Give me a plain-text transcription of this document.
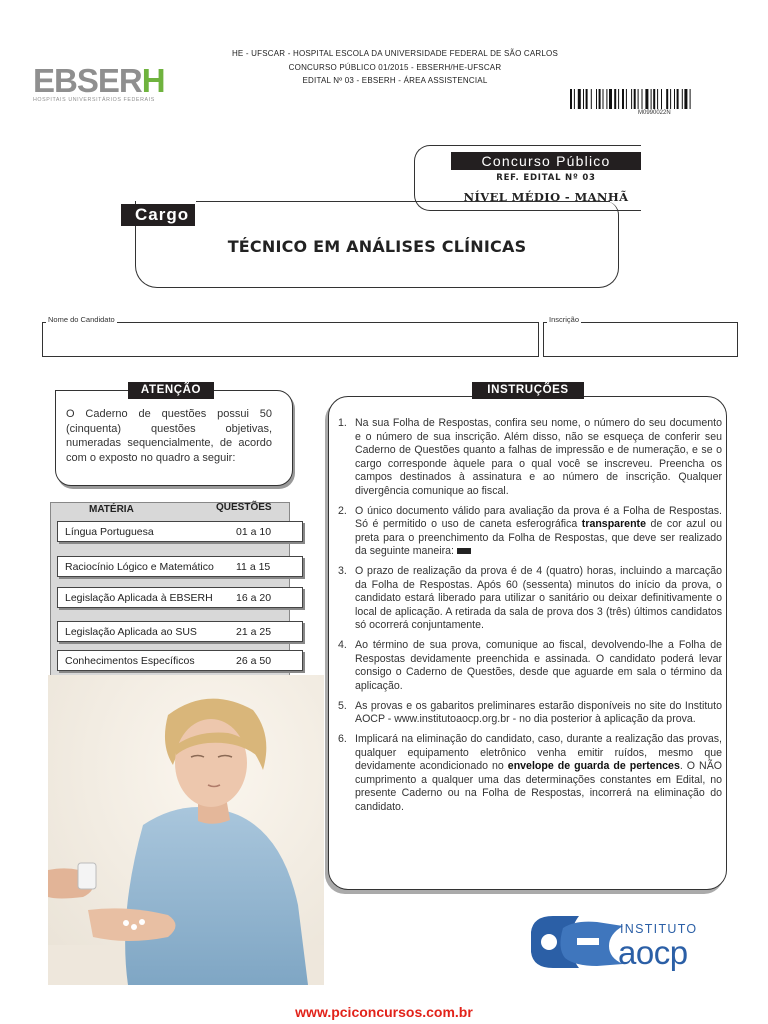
HE - UFSCAR - HOSPITAL ESCOLA DA UNIVERSIDADE FEDERAL DE SÃO CARLOS
CONCURSO PÚBLICO 01/2015 - EBSERH/HE-UFSCAR
EDITAL Nº 03 - EBSERH - ÁREA ASSISTENCIAL
EBSERH
HOSPITAIS UNIVERSITÁRIOS FEDERAIS
M0990022N
Concurso Público
REF. EDITAL Nº 03
NÍVEL MÉDIO - MANHÃ
Cargo
TÉCNICO EM ANÁLISES CLÍNICAS
Nome do Candidato	Inscrição
ATENÇÃO
O Caderno de questões possui 50 (cinquenta) questões objetivas, numeradas sequencialmente, de acordo com o exposto no quadro a seguir:
MATÉRIA	QUESTÕES
Língua Portuguesa	01 a 10
Raciocínio Lógico e Matemático 11 a 15
Legislação Aplicada à EBSERH 16 a 20
Legislação Aplicada ao SUS	21 a 25
Conhecimentos Específicos	26 a 50
INSTRUÇÕES
1. Na sua Folha de Respostas, confira seu nome, o número do seu documento e o número de sua inscrição. Além disso, não se esqueça de conferir seu Caderno de Questões quanto a falhas de impressão e de numeração, e se o cargo corresponde àquele para o qual você se inscreveu. Preencha os campos destinados à assinatura e ao número de inscrição. Qualquer divergência comunique ao fiscal.
2. O único documento válido para avaliação da prova é a Folha de Respostas. Só é permitido o uso de caneta esferográfica transparente de cor azul ou preta para o preenchimento da Folha de Respostas, que deve ser realizado da seguinte maneira:
3. O prazo de realização da prova é de 4 (quatro) horas, incluindo a marcação da Folha de Respostas. Após 60 (sessenta) minutos do início da prova, o candidato estará liberado para utilizar o sanitário ou deixar definitivamente o local de aplicação. A retirada da sala de prova dos 3 (três) últimos candidatos só ocorrerá conjuntamente.
4. Ao término de sua prova, comunique ao fiscal, devolvendo-lhe a Folha de Respostas devidamente preenchida e assinada. O candidato poderá levar consigo o Caderno de Questões, desde que aguarde em sala o término da aplicação.
5. As provas e os gabaritos preliminares estarão disponíveis no site do Instituto AOCP - www.institutoaocp.org.br - no dia posterior à aplicação da prova.
6. Implicará na eliminação do candidato, caso, durante a realização das provas, qualquer equipamento eletrônico venha emitir ruídos, mesmo que devidamente acondicionado no envelope de guarda de pertences. O NÃO cumprimento a qualquer uma das determinações constantes em Edital, no presente Caderno ou na Folha de Respostas, incorrerá na eliminação do candidato.
INSTITUTO
aocp
www.pciconcursos.com.br
